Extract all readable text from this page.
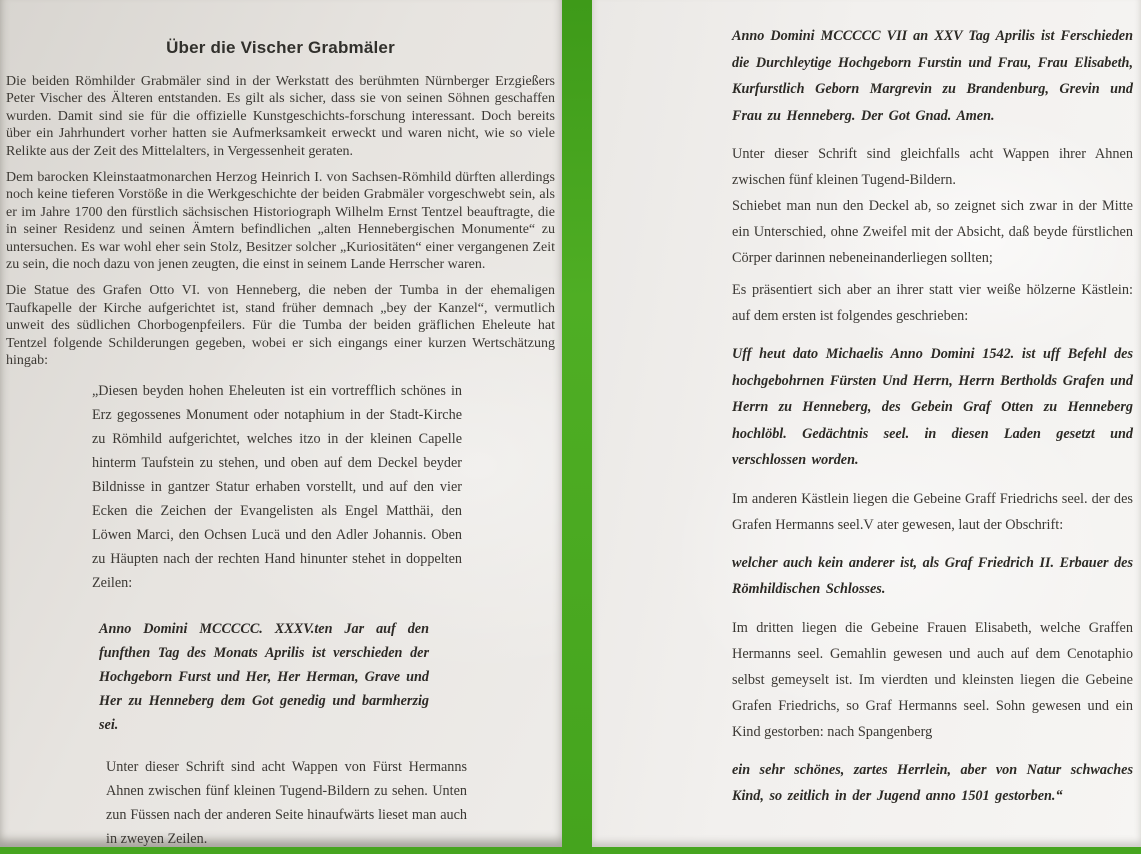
Über die Vischer Grabmäler

Die beiden Römhilder Grabmäler sind in der Werkstatt des berühmten Nürnberger Erzgießers Peter Vischer des Älteren entstanden. Es gilt als sicher, dass sie von seinen Söhnen geschaffen wurden. Damit sind sie für die offizielle Kunstgeschichts-forschung interessant. Doch bereits über ein Jahrhundert vorher hatten sie Aufmerksamkeit erweckt und waren nicht, wie so viele Relikte aus der Zeit des Mittelalters, in Vergessenheit geraten.

Dem barocken Kleinstaatmonarchen Herzog Heinrich I. von Sachsen-Römhild dürften allerdings noch keine tieferen Vorstöße in die Werkgeschichte der beiden Grabmäler vorgeschwebt sein, als er im Jahre 1700 den fürstlich sächsischen Historiograph Wilhelm Ernst Tentzel beauftragte, die in seiner Residenz und seinen Ämtern befindlichen „alten Hennebergischen Monumente“ zu untersuchen. Es war wohl eher sein Stolz, Besitzer solcher „Kuriositäten“ einer vergangenen Zeit zu sein, die noch dazu von jenen zeugten, die einst in seinem Lande Herrscher waren.

Die Statue des Grafen Otto VI. von Henneberg, die neben der Tumba in der ehemaligen Taufkapelle der Kirche aufgerichtet ist, stand früher demnach „bey der Kanzel“, vermutlich unweit des südlichen Chorbogenpfeilers. Für die Tumba der beiden gräflichen Eheleute hat Tentzel folgende Schilderungen gegeben, wobei er sich eingangs einer kurzen Wertschätzung hingab:

„Diesen beyden hohen Eheleuten ist ein vortrefflich schönes in Erz gegossenes Monument oder notaphium in der Stadt-Kirche zu Römhild aufgerichtet, welches itzo in der kleinen Capelle hinterm Taufstein zu stehen, und oben auf dem Deckel beyder Bildnisse in gantzer Statur erhaben vorstellt, und auf den vier Ecken die Zeichen der Evangelisten als Engel Matthäi, den Löwen Marci, den Ochsen Lucä und den Adler Johannis. Oben zu Häupten nach der rechten Hand hinunter stehet in doppelten Zeilen:

Anno Domini MCCCCC. XXXV.ten Jar auf den funfthen Tag des Monats Aprilis ist verschieden der Hochgeborn Furst und Her, Her Herman, Grave und Her zu Henneberg dem Got genedig und barmherzig sei.

Unter dieser Schrift sind acht Wappen von Fürst Hermanns Ahnen zwischen fünf kleinen Tugend-Bildern zu sehen. Unten zun Füssen nach der anderen Seite hinaufwärts lieset man auch in zweyen Zeilen.

Anno Domini MCCCCC VII an XXV Tag Aprilis ist Ferschieden die Durchleytige Hochgeborn Furstin und Frau, Frau Elisabeth, Kurfurstlich Geborn Margrevin zu Brandenburg, Grevin und Frau zu Henneberg. Der Got Gnad. Amen.

Unter dieser Schrift sind gleichfalls acht Wappen ihrer Ahnen zwischen fünf kleinen Tugend-Bildern.

Schiebet man nun den Deckel ab, so zeignet sich zwar in der Mitte ein Unterschied, ohne Zweifel mit der Absicht, daß beyde fürstlichen Cörper darinnen nebeneinanderliegen sollten;

Es präsentiert sich aber an ihrer statt vier weiße hölzerne Kästlein: auf dem ersten ist folgendes geschrieben:

Uff heut dato Michaelis Anno Domini 1542. ist uff Befehl des hochgebohrnen Fürsten Und Herrn, Herrn Bertholds Grafen und Herrn zu Henneberg, des Gebein Graf Otten zu Henneberg hochlöbl. Gedächtnis seel. in diesen Laden gesetzt und verschlossen worden.

Im anderen Kästlein liegen die Gebeine Graff Friedrichs seel. der des Grafen Hermanns seel.V ater gewesen, laut der Obschrift:

welcher auch kein anderer ist, als Graf Friedrich II. Erbauer des Römhildischen Schlosses.

Im dritten liegen die Gebeine Frauen Elisabeth, welche Graffen Hermanns seel. Gemahlin gewesen und auch auf dem Cenotaphio selbst gemeyselt ist. Im vierdten und kleinsten liegen die Gebeine Grafen Friedrichs, so Graf Hermanns seel. Sohn gewesen und ein Kind gestorben: nach Spangenberg

ein sehr schönes, zartes Herrlein, aber von Natur schwaches Kind, so zeitlich in der Jugend anno 1501 gestorben.“
